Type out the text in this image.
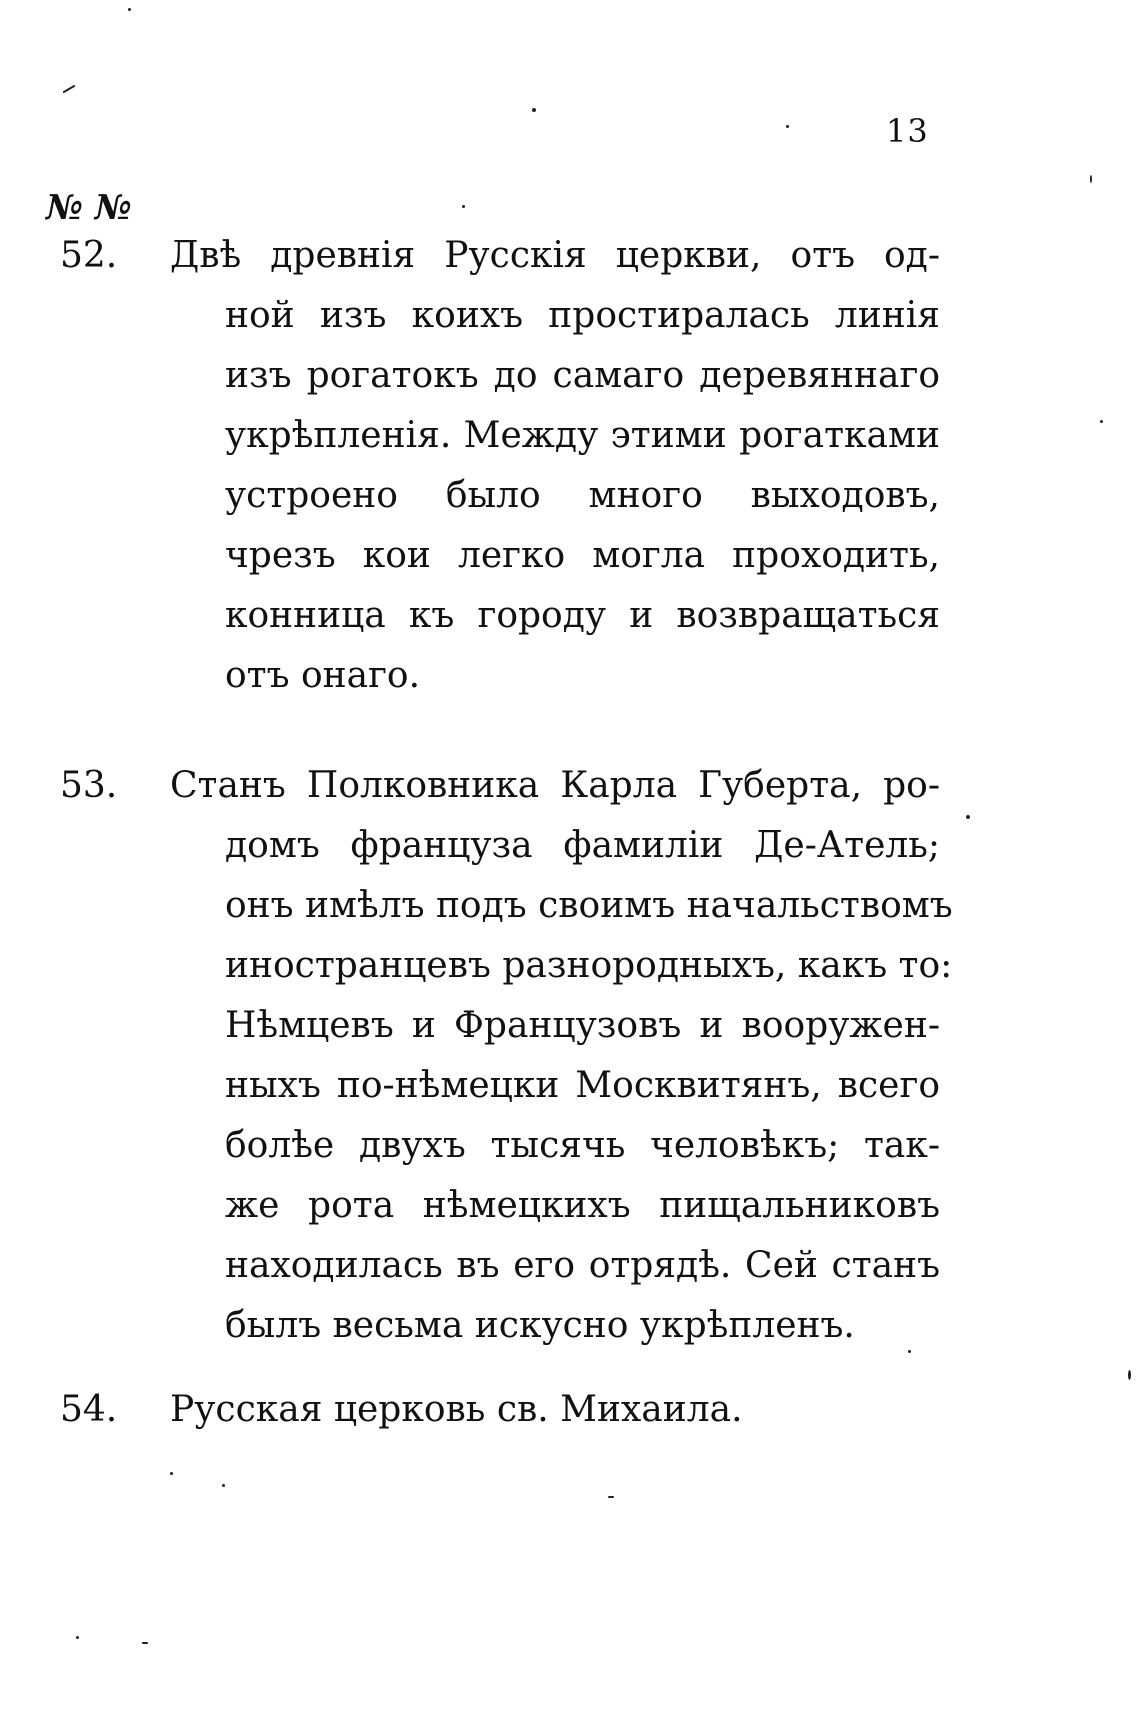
13
№ №
52. Двѣ древнія Русскія церкви, отъ од-
ной изъ коихъ простиралась линія
изъ рогатокъ до самаго деревяннаго
укрѣпленія. Между этими рогатками
устроено было много выходовъ,
чрезъ кои легко могла проходить,
конница къ городу и возвращаться
отъ онаго.
53. Станъ Полковника Карла Губерта, ро-
домъ француза фамиліи Де-Атель;
онъ имѣлъ подъ своимъ начальствомъ
иностранцевъ разнородныхъ, какъ то:
Нѣмцевъ и Французовъ и вооружен-
ныхъ по-нѣмецки Москвитянъ, всего
болѣе двухъ тысячь человѣкъ; так-
же рота нѣмецкихъ пищальниковъ
находилась въ его отрядѣ. Сей станъ
былъ весьма искусно укрѣпленъ.
54. Русская церковь св. Михаила.
